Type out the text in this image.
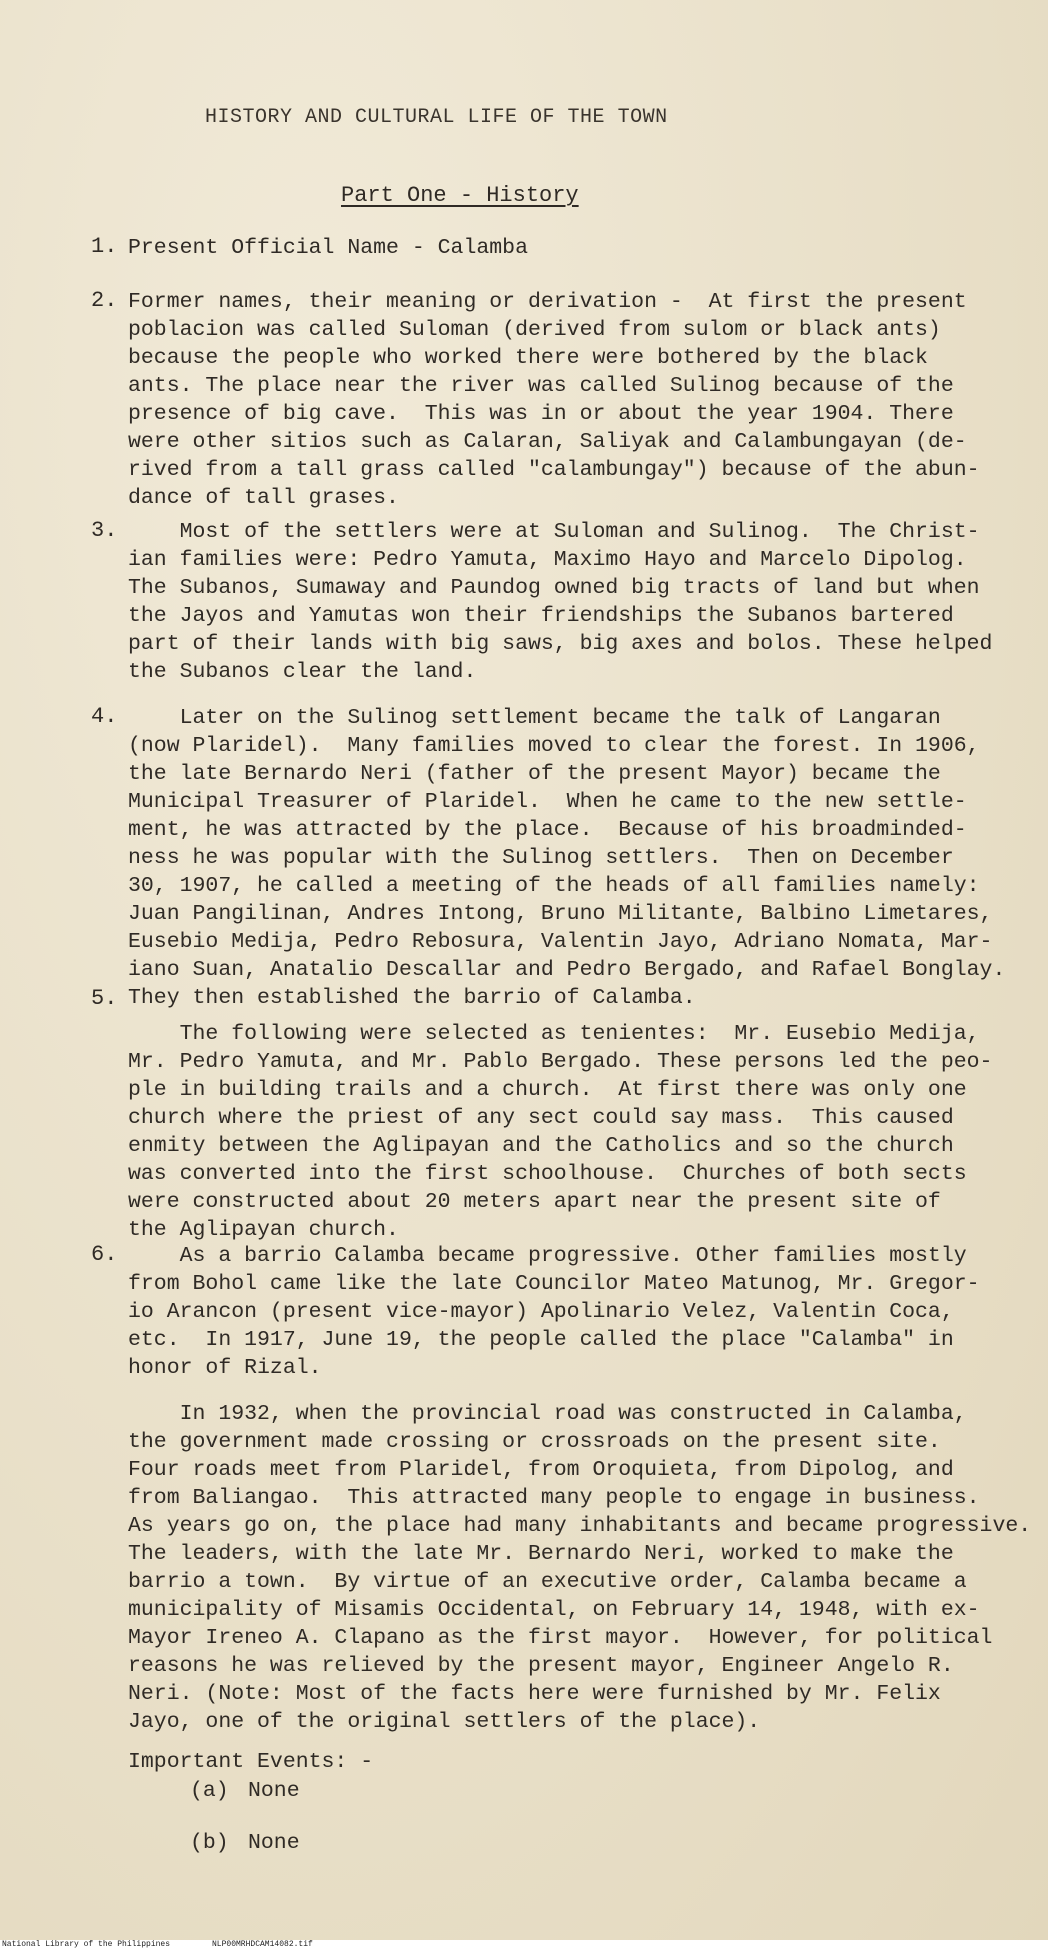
HISTORY AND CULTURAL LIFE OF THE TOWN
Part One - History
1. Present Official Name - Calamba
2. Former names, their meaning or derivation -  At first the present
poblacion was called Suloman (derived from sulom or black ants)
because the people who worked there were bothered by the black
ants. The place near the river was called Sulinog because of the
presence of big cave.  This was in or about the year 1904. There
were other sitios such as Calaran, Saliyak and Calambungayan (de-
rived from a tall grass called "calambungay") because of the abun-
dance of tall grases.
3. Most of the settlers were at Suloman and Sulinog.  The Christ-
ian families were: Pedro Yamuta, Maximo Hayo and Marcelo Dipolog.
The Subanos, Sumaway and Paundog owned big tracts of land but when
the Jayos and Yamutas won their friendships the Subanos bartered
part of their lands with big saws, big axes and bolos. These helped
the Subanos clear the land.
4. Later on the Sulinog settlement became the talk of Langaran
(now Plaridel).  Many families moved to clear the forest. In 1906,
the late Bernardo Neri (father of the present Mayor) became the
Municipal Treasurer of Plaridel.  When he came to the new settle-
ment, he was attracted by the place.  Because of his broadminded-
ness he was popular with the Sulinog settlers.  Then on December
30, 1907, he called a meeting of the heads of all families namely:
Juan Pangilinan, Andres Intong, Bruno Militante, Balbino Limetares,
Eusebio Medija, Pedro Rebosura, Valentin Jayo, Adriano Nomata, Mar-
iano Suan, Anatalio Descallar and Pedro Bergado, and Rafael Bonglay.
They then established the barrio of Calamba.
5.
The following were selected as tenientes:  Mr. Eusebio Medija,
Mr. Pedro Yamuta, and Mr. Pablo Bergado. These persons led the peo-
ple in building trails and a church.  At first there was only one
church where the priest of any sect could say mass.  This caused
enmity between the Aglipayan and the Catholics and so the church
was converted into the first schoolhouse.  Churches of both sects
were constructed about 20 meters apart near the present site of
the Aglipayan church.
6. As a barrio Calamba became progressive. Other families mostly
from Bohol came like the late Councilor Mateo Matunog, Mr. Gregor-
io Arancon (present vice-mayor) Apolinario Velez, Valentin Coca,
etc.  In 1917, June 19, the people called the place "Calamba" in
honor of Rizal.
In 1932, when the provincial road was constructed in Calamba,
the government made crossing or crossroads on the present site.
Four roads meet from Plaridel, from Oroquieta, from Dipolog, and
from Baliangao.  This attracted many people to engage in business.
As years go on, the place had many inhabitants and became progressive.
The leaders, with the late Mr. Bernardo Neri, worked to make the
barrio a town.  By virtue of an executive order, Calamba became a
municipality of Misamis Occidental, on February 14, 1948, with ex-
Mayor Ireneo A. Clapano as the first mayor.  However, for political
reasons he was relieved by the present mayor, Engineer Angelo R.
Neri. (Note: Most of the facts here were furnished by Mr. Felix
Jayo, one of the original settlers of the place).
Important Events: -
(a) None
(b) None
National Library of the Philippines	NLP00MRHDCAM14082.tif
